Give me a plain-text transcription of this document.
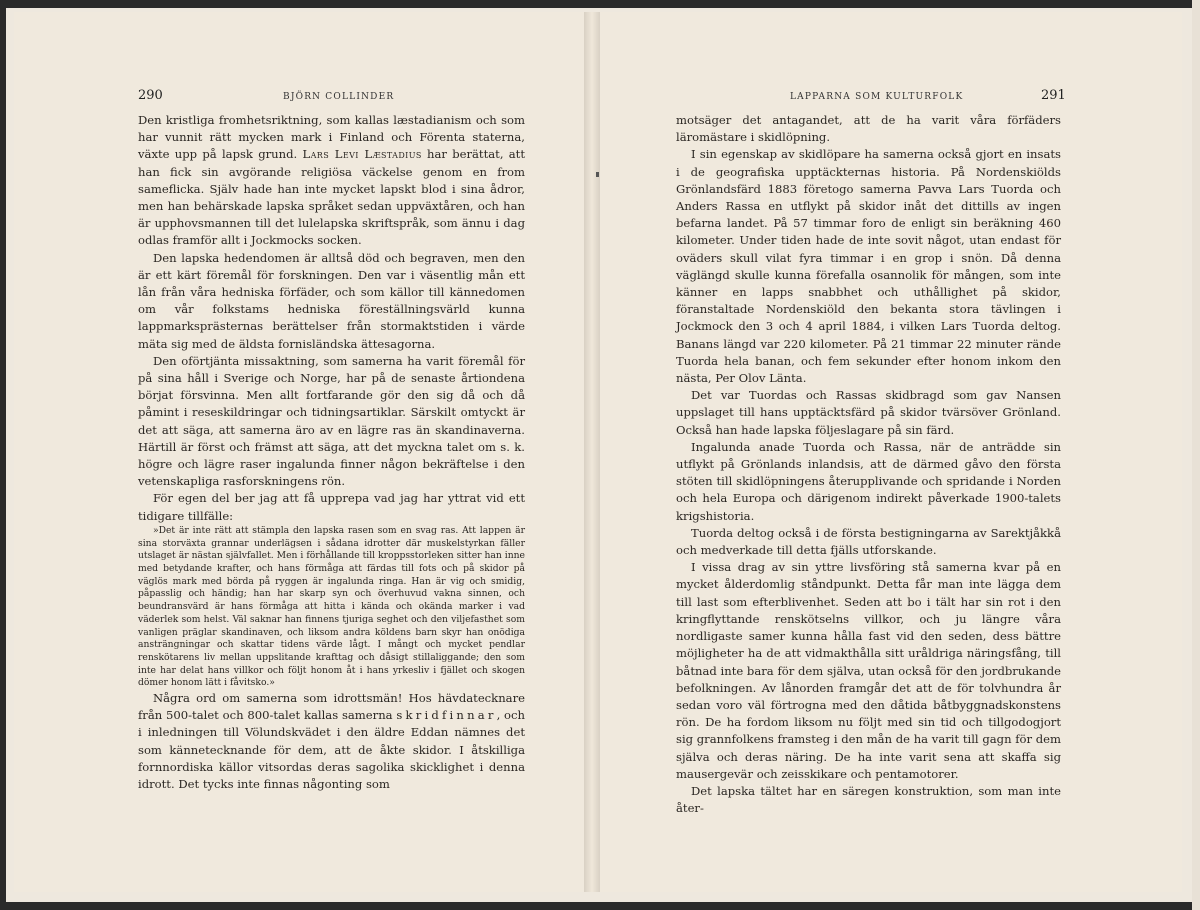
290	BJÖRN COLLINDER

Den kristliga fromhetsriktning, som kallas læstadianism och som har vunnit rätt mycken mark i Finland och Förenta staterna, växte upp på lapsk grund. Lars Levi Læstadius har berättat, att han fick sin avgörande religiösa väckelse genom en from sameflicka. Själv hade han inte mycket lapskt blod i sina ådror, men han behärskade lapska språket sedan uppväxtåren, och han är upphovsmannen till det lulelapska skriftspråk, som ännu i dag odlas framför allt i Jockmocks socken.

Den lapska hedendomen är alltså död och begraven, men den är ett kärt föremål för forskningen. Den var i väsentlig mån ett lån från våra hedniska förfäder, och som källor till kännedomen om vår folkstams hedniska föreställningsvärld kunna lappmarksprästernas berättelser från stormaktstiden i värde mäta sig med de äldsta fornisländska ättesagorna.

Den oförtjänta missaktning, som samerna ha varit föremål för på sina håll i Sverige och Norge, har på de senaste årtiondena börjat försvinna. Men allt fortfarande gör den sig då och då påmint i reseskildringar och tidningsartiklar. Särskilt omtyckt är det att säga, att samerna äro av en lägre ras än skandinaverna. Härtill är först och främst att säga, att det myckna talet om s. k. högre och lägre raser ingalunda finner någon bekräftelse i den vetenskapliga rasforskningens rön.

För egen del ber jag att få upprepa vad jag har yttrat vid ett tidigare tillfälle:

»Det är inte rätt att stämpla den lapska rasen som en svag ras. Att lappen är sina storväxta grannar underlägsen i sådana idrotter där muskelstyrkan fäller utslaget är nästan självfallet. Men i förhållande till kroppsstorleken sitter han inne med betydande krafter, och hans förmåga att färdas till fots och på skidor på väglös mark med börda på ryggen är ingalunda ringa. Han är vig och smidig, påpasslig och händig; han har skarp syn och överhuvud vakna sinnen, och beundransvärd är hans förmåga att hitta i kända och okända marker i vad väderlek som helst. Väl saknar han finnens tjuriga seghet och den viljefasthet som vanligen präglar skandinaven, och liksom andra köldens barn skyr han onödiga ansträngningar och skattar tidens värde lågt. I mångt och mycket pendlar renskötarens liv mellan uppslitande krafttag och dåsigt stillaliggande; den som inte har delat hans villkor och följt honom åt i hans yrkesliv i fjället och skogen dömer honom lätt i fåvitsko.»

Några ord om samerna som idrottsmän! Hos hävdatecknare från 500-talet och 800-talet kallas samerna skridfinnar, och i inledningen till Völundskvädet i den äldre Eddan nämnes det som kännetecknande för dem, att de åkte skidor. I åtskilliga fornnordiska källor vitsordas deras sagolika skicklighet i denna idrott. Det tycks inte finnas någonting som

LAPPARNA SOM KULTURFOLK	291

motsäger det antagandet, att de ha varit våra förfäders läromästare i skidlöpning.

I sin egenskap av skidlöpare ha samerna också gjort en insats i de geografiska upptäckternas historia. På Nordenskiölds Grönlandsfärd 1883 företogo samerna Pavva Lars Tuorda och Anders Rassa en utflykt på skidor inåt det dittills av ingen befarna landet. På 57 timmar foro de enligt sin beräkning 460 kilometer. Under tiden hade de inte sovit något, utan endast för oväders skull vilat fyra timmar i en grop i snön. Då denna väglängd skulle kunna förefalla osannolik för mången, som inte känner en lapps snabbhet och uthållighet på skidor, föranstaltade Nordenskiöld den bekanta stora tävlingen i Jockmock den 3 och 4 april 1884, i vilken Lars Tuorda deltog. Banans längd var 220 kilometer. På 21 timmar 22 minuter rände Tuorda hela banan, och fem sekunder efter honom inkom den nästa, Per Olov Länta.

Det var Tuordas och Rassas skidbragd som gav Nansen uppslaget till hans upptäcktsfärd på skidor tvärsöver Grönland. Också han hade lapska följeslagare på sin färd.

Ingalunda anade Tuorda och Rassa, när de anträdde sin utflykt på Grönlands inlandsis, att de därmed gåvo den första stöten till skidlöpningens återupplivande och spridande i Norden och hela Europa och därigenom indirekt påverkade 1900-talets krigshistoria.

Tuorda deltog också i de första bestigningarna av Sarektjåkkå och medverkade till detta fjälls utforskande.

I vissa drag av sin yttre livsföring stå samerna kvar på en mycket ålderdomlig ståndpunkt. Detta får man inte lägga dem till last som efterblivenhet. Seden att bo i tält har sin rot i den kringflyttande renskötselns villkor, och ju längre våra nordligaste samer kunna hålla fast vid den seden, dess bättre möjligheter ha de att vidmakthålla sitt uråldriga näringsfång, till båtnad inte bara för dem själva, utan också för den jordbrukande befolkningen. Av lånorden framgår det att de för tolvhundra år sedan voro väl förtrogna med den dåtida båtbyggnadskonstens rön. De ha fordom liksom nu följt med sin tid och tillgodogjort sig grannfolkens framsteg i den mån de ha varit till gagn för dem själva och deras näring. De ha inte varit sena att skaffa sig mausergevär och zeisskikare och pentamotorer.

Det lapska tältet har en säregen konstruktion, som man inte åter-
